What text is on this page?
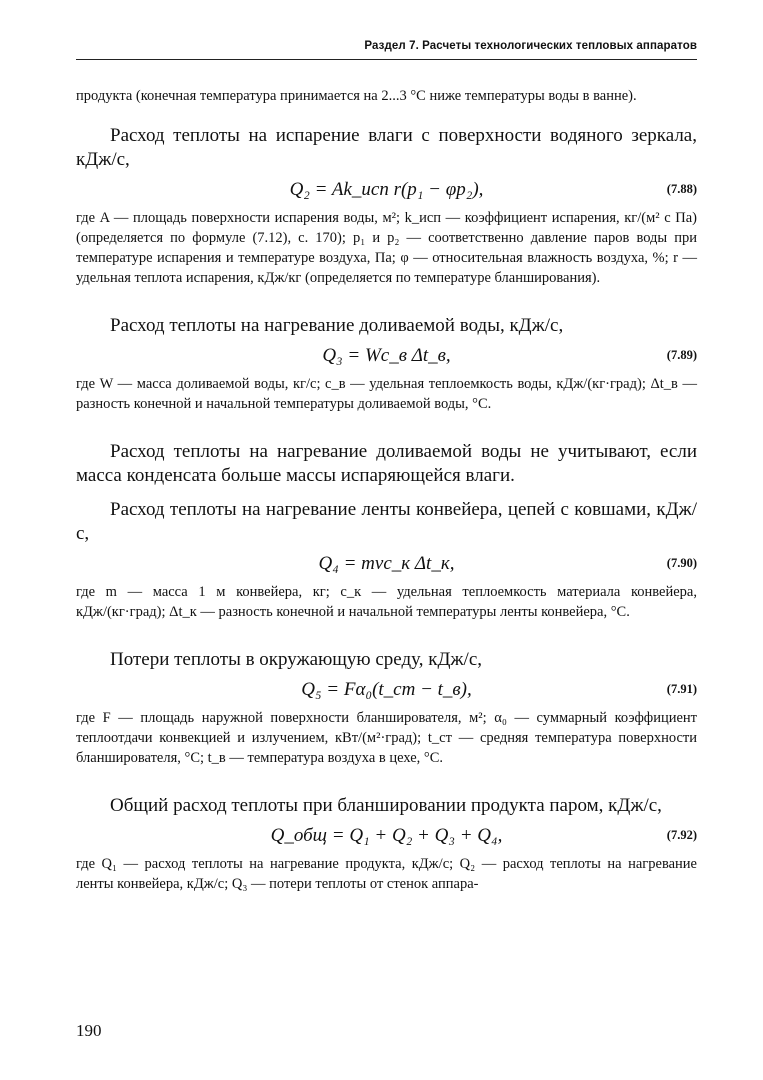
Раздел 7. Расчеты технологических тепловых аппаратов

продукта (конечная температура принимается на 2...3 °С ниже температуры воды в ванне).

Расход теплоты на испарение влаги с поверхности водяного зеркала, кДж/с,

Q₂ = Ak_исп r(p₁ − φp₂),	(7.88)

где A — площадь поверхности испарения воды, м²; k_исп — коэффициент испарения, кг/(м² с Па) (определяется по формуле (7.12), с. 170); p₁ и p₂ — соответственно давление паров воды при температуре испарения и температуре воздуха, Па; φ — относительная влажность воздуха, %; r — удельная теплота испарения, кДж/кг (определяется по температуре бланширования).

Расход теплоты на нагревание доливаемой воды, кДж/с,

Q₃ = Wc_в Δt_в,	(7.89)

где W — масса доливаемой воды, кг/с; c_в — удельная теплоемкость воды, кДж/(кг·град); Δt_в — разность конечной и начальной температуры доливаемой воды, °С.

Расход теплоты на нагревание доливаемой воды не учитывают, если масса конденсата больше массы испаряющейся влаги.

Расход теплоты на нагревание ленты конвейера, цепей с ковшами, кДж/с,

Q₄ = mvc_к Δt_к,	(7.90)

где m — масса 1 м конвейера, кг; c_к — удельная теплоемкость материала конвейера, кДж/(кг·град); Δt_к — разность конечной и начальной температуры ленты конвейера, °С.

Потери теплоты в окружающую среду, кДж/с,

Q₅ = Fα₀(t_ст − t_в),	(7.91)

где F — площадь наружной поверхности бланширователя, м²; α₀ — суммарный коэффициент теплоотдачи конвекцией и излучением, кВт/(м²·град); t_ст — средняя температура поверхности бланширователя, °С; t_в — температура воздуха в цехе, °С.

Общий расход теплоты при бланшировании продукта паром, кДж/с,

Q_общ = Q₁ + Q₂ + Q₃ + Q₄,	(7.92)

где Q₁ — расход теплоты на нагревание продукта, кДж/с; Q₂ — расход теплоты на нагревание ленты конвейера, кДж/с; Q₃ — потери теплоты от стенок аппара-

190
